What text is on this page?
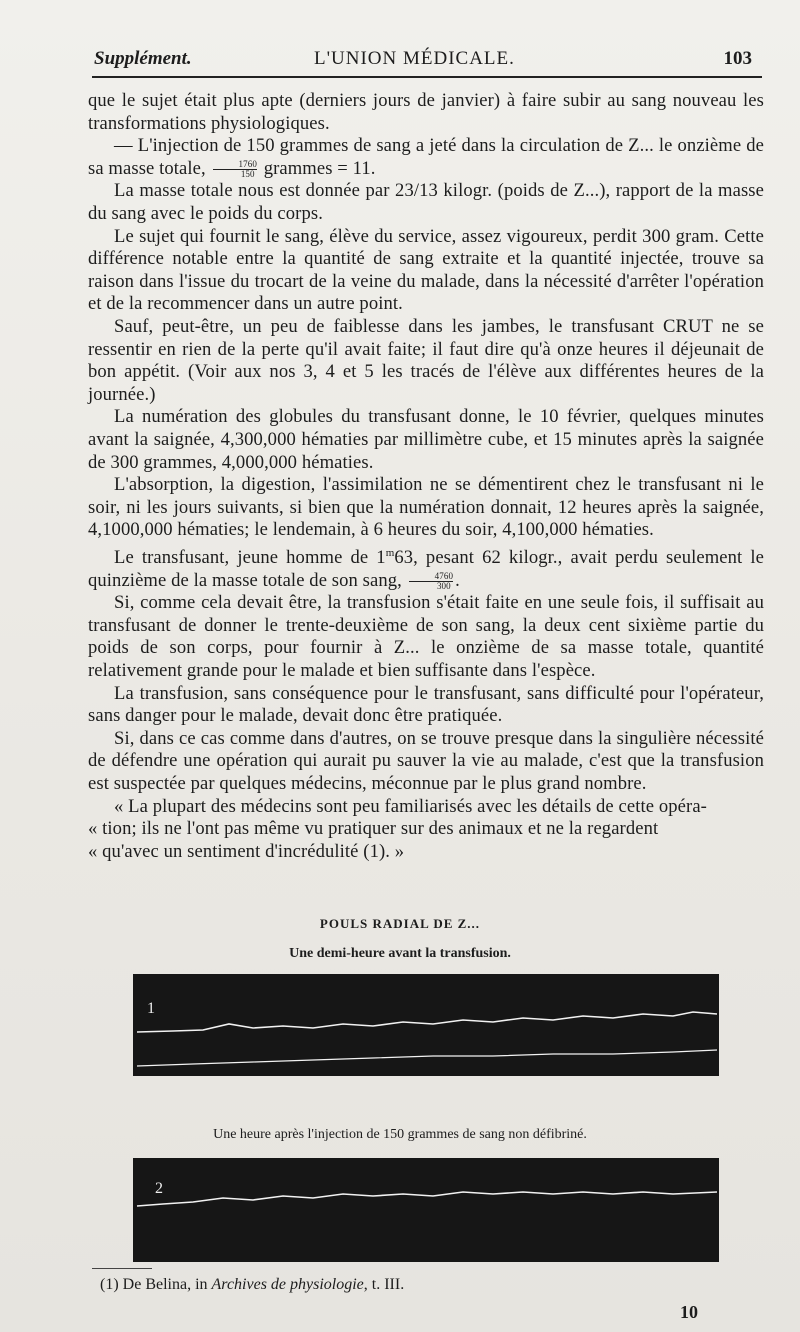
Supplément.	L'UNION MÉDICALE.	103

que le sujet était plus apte (derniers jours de janvier) à faire subir au sang nouveau les transformations physiologiques.

— L'injection de 150 grammes de sang a jeté dans la circulation de Z... le onzième de sa masse totale, $\frac{1760}{150}$ grammes = 11.

La masse totale nous est donnée par 23/13 kilogr. (poids de Z...), rapport de la masse du sang avec le poids du corps.

Le sujet qui fournit le sang, élève du service, assez vigoureux, perdit 300 gram. Cette différence notable entre la quantité de sang extraite et la quantité injectée, trouve sa raison dans l'issue du trocart de la veine du malade, dans la nécessité d'arrêter l'opération et de la recommencer dans un autre point.

Sauf, peut-être, un peu de faiblesse dans les jambes, le transfusant CRUT ne se ressentir en rien de la perte qu'il avait faite; il faut dire qu'à onze heures il déjeunait de bon appétit. (Voir aux nos 3, 4 et 5 les tracés de l'élève aux différentes heures de la journée.)

La numération des globules du transfusant donne, le 10 février, quelques minutes avant la saignée, 4,300,000 hématies par millimètre cube, et 15 minutes après la saignée de 300 grammes, 4,000,000 hématies.

L'absorption, la digestion, l'assimilation ne se démentirent chez le transfusant ni le soir, ni les jours suivants, si bien que la numération donnait, 12 heures après la saignée, 4,1000,000 hématies; le lendemain, à 6 heures du soir, 4,100,000 hématies.

Le transfusant, jeune homme de 1$^m$63, pesant 62 kilogr., avait perdu seulement le quinzième de la masse totale de son sang, $\frac{4760}{300}$ .

Si, comme cela devait être, la transfusion s'était faite en une seule fois, il suffisait au transfusant de donner le trente-deuxième de son sang, la deux cent sixième partie du poids de son corps, pour fournir à Z... le onzième de sa masse totale, quantité relativement grande pour le malade et bien suffisante dans l'espèce.

La transfusion, sans conséquence pour le transfusant, sans difficulté pour l'opérateur, sans danger pour le malade, devait donc être pratiquée.

Si, dans ce cas comme dans d'autres, on se trouve presque dans la singulière nécessité de défendre une opération qui aurait pu sauver la vie au malade, c'est que la transfusion est suspectée par quelques médecins, méconnue par le plus grand nombre.

« La plupart des médecins sont peu familiarisés avec les détails de cette opéra-

« tion; ils ne l'ont pas même vu pratiquer sur des animaux et ne la regardent

« qu'avec un sentiment d'incrédulité (1). »

POULS RADIAL DE Z...
Une demi-heure avant la transfusion.
1
Une heure après l'injection de 150 grammes de sang non défibriné.
2
(1) De Belina, in Archives de physiologie, t. III.
10
